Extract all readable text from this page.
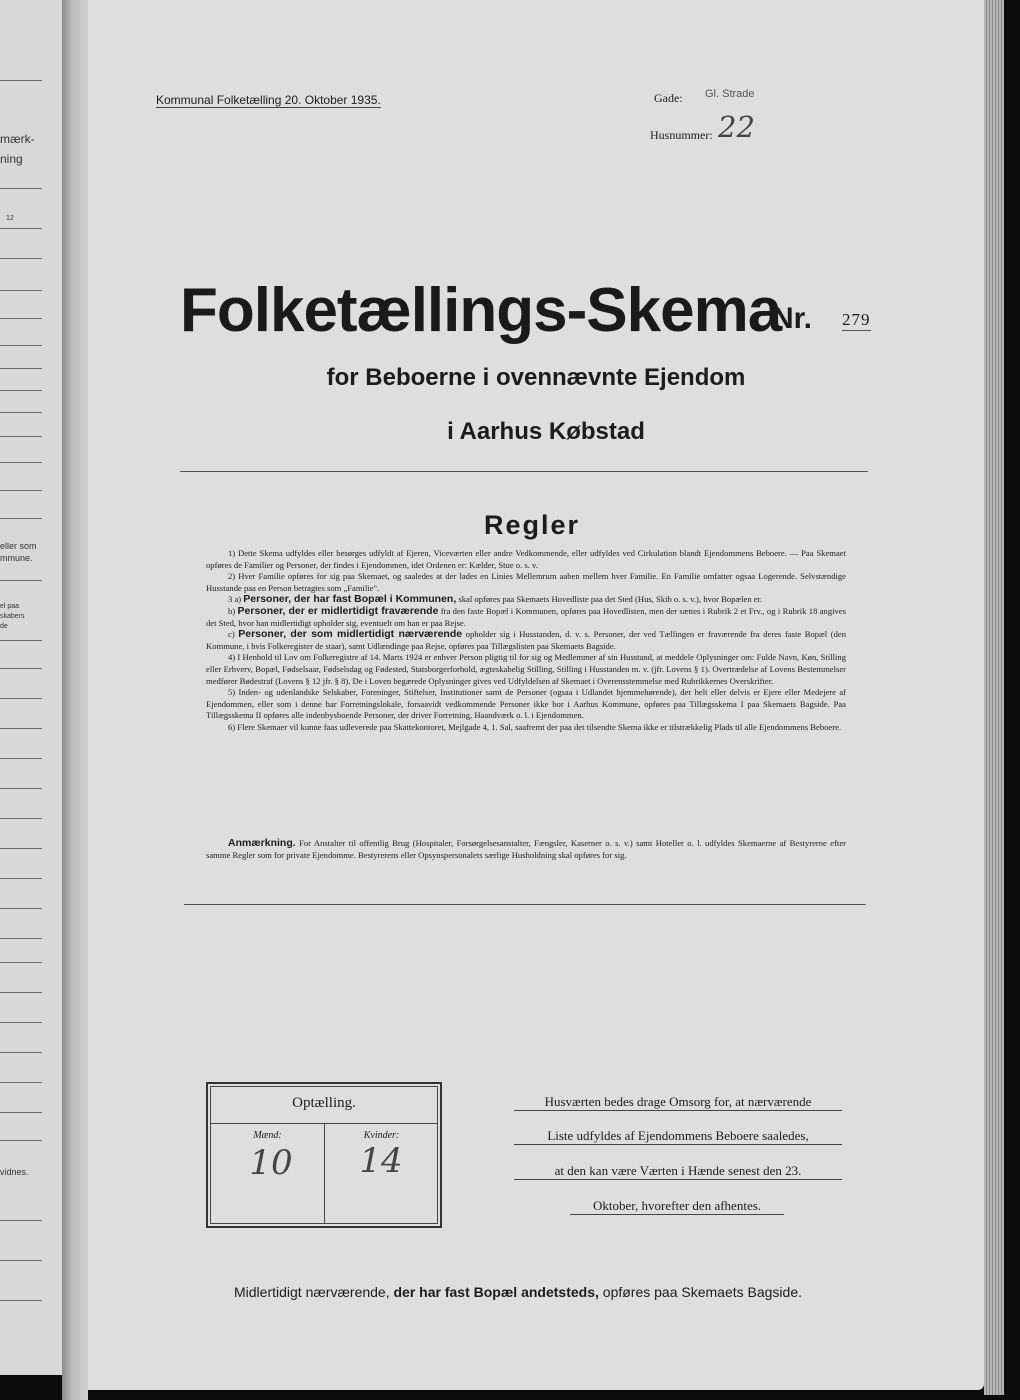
mærk-
ning
12
eller som
mmune.
el paa
skabers
de
vidnes.
Kommunal Folketælling 20. Oktober 1935.	Gade: Gl. Strade
Husnummer: 22
Folketællings-Skema
Nr. 279
for Beboerne i ovennævnte Ejendom
i Aarhus Købstad
Regler

1) Dette Skema udfyldes eller besørges udfyldt af Ejeren, Viceværten eller andre Vedkommende, eller udfyldes ved Cirkulation blandt Ejendommens Beboere. — Paa Skemaet opføres de Familier og Personer, der findes i Ejendommen, idet Ordenen er: Kælder, Stue o. s. v.

2) Hver Familie opføres for sig paa Skemaet, og saaledes at der lades en Linies Mellemrum aaben mellem hver Familie. En Familie omfatter ogsaa Logerende. Selvstændige Husstande paa en Person betragtes som „Familie".

3 a) Personer, der har fast Bopæl i Kommunen, skal opføres paa Skemaets Hovedliste paa det Sted (Hus, Skib o. s. v.), hvor Bopælen er.

b) Personer, der er midlertidigt fraværende fra den faste Bopæl i Kommunen, opføres paa Hovedlisten, men der sættes i Rubrik 2 et Frv., og i Rubrik 18 angives det Sted, hvor han midlertidigt opholder sig, eventuelt om han er paa Rejse.

c) Personer, der som midlertidigt nærværende opholder sig i Husstanden, d. v. s. Personer, der ved Tællingen er fraværende fra deres faste Bopæl (den Kommune, i hvis Folkeregister de staar), samt Udlændinge paa Rejse, opføres paa Tillægslisten paa Skemaets Bagside.

4) I Henhold til Lov om Folkeregistre af 14. Marts 1924 er enhver Person pligtig til for sig og Medlemmer af sin Husstand, at meddele Oplysninger om: Fulde Navn, Køn, Stilling eller Erhverv, Bopæl, Fødselsaar, Fødselsdag og Fødested, Statsborgerforhold, ægteskabelig Stilling, Stilling i Husstanden m. v. (jfr. Lovens § 1). Overtrædelse af Lovens Bestemmelser medfører Bødestraf (Lovens § 12 jfr. § 8). De i Loven begærede Oplysninger gives ved Udfyldelsen af Skemaet i Overensstemmelse med Rubrikkernes Overskrifter.

5) Inden- og udenlandske Selskaber, Foreninger, Stiftelser, Institutioner samt de Personer (ogsaa i Udlandet hjemmehørende), der helt eller delvis er Ejere eller Medejere af Ejendommen, eller som i denne har Forretningslokale, forsaavidt vedkommende Personer ikke bor i Aarhus Kommune, opføres paa Tillægsskema I paa Skemaets Bagside. Paa Tillægsskema II opføres alle indenbysboende Personer, der driver Forretning, Haandværk o. l. i Ejendommen.

6) Flere Skemaer vil kunne faas udleverede paa Skattekontoret, Mejlgade 4, 1. Sal, saafremt der paa det tilsendte Skema ikke er tilstrækkelig Plads til alle Ejendommens Beboere.

Anmærkning. For Anstalter til offentlig Brug (Hospitaler, Forsørgelsesanstalter, Fængsler, Kaserner o. s. v.) samt Hoteller o. l. udfyldes Skemaerne af Bestyrerne efter samme Regler som for private Ejendomme. Bestyrerens eller Opsynspersonalets særlige Husholdning skal opføres for sig.

Optælling.
Mænd:	Kvinder:
10	14
Husværten bedes drage Omsorg for, at nærværende
Liste udfyldes af Ejendommens Beboere saaledes,
at den kan være Værten i Hænde senest den 23.
Oktober, hvorefter den afhentes.
Midlertidigt nærværende, der har fast Bopæl andetsteds, opføres paa Skemaets Bagside.
